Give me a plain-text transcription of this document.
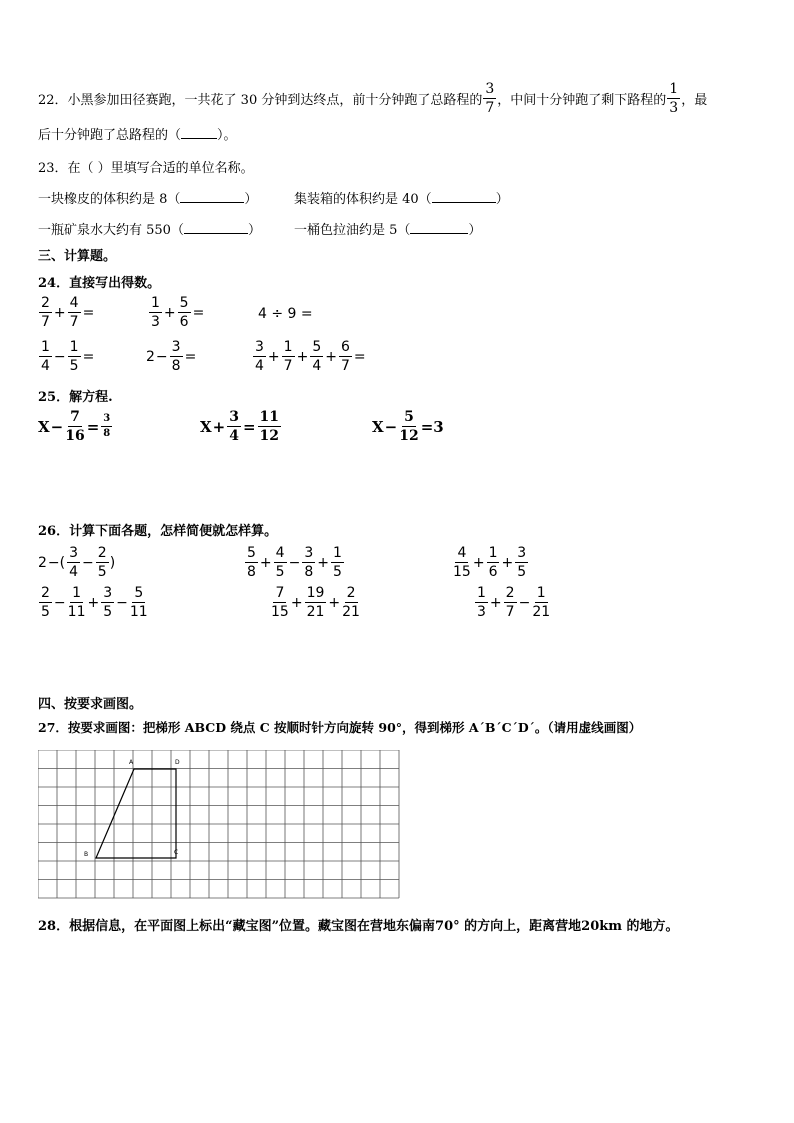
22． 小黑参加田径赛跑，一共花了 30 分钟到达终点，前十分钟跑了总路程的 $\frac{3}{7}$ ，中间十分钟跑了剩下路程的 $\frac{1}{3}$ ，最
后十分钟跑了总路程的（	）。
23．在（ ）里填写合适的单位名称。
一块橡皮的体积约是 8（	）	集装箱的体积约是 40（	）
一瓶矿泉水大约有 550（	）	一桶色拉油约是 5（	）
三、计算题。
24．直接写出得数。
$\frac{2}{7} + \frac{4}{7}$ =	$\frac{1}{3} + \frac{5}{6}$ =	4 ÷ 9 =
$\frac{1}{4} - \frac{1}{5}$ =	$2 - \frac{3}{8}$ =	$\frac{3}{4} + \frac{1}{7} + \frac{5}{4} + \frac{6}{7}$ =
25．解方程.
$X - \frac{7}{16} = \frac{3}{8}$	$X + \frac{3}{4} = \frac{11}{12}$	$X - \frac{5}{12} =3$
26．计算下面各题，怎样简便就怎样算。
2 −( $\frac{3}{4} - \frac{2}{5}$ )	$\frac{5}{8} + \frac{4}{5} - \frac{3}{8} + \frac{1}{5}$	$\frac{4}{15} + \frac{1}{6} + \frac{3}{5}$
$\frac{2}{5} - \frac{1}{11} + \frac{3}{5} - \frac{5}{11}$	$\frac{7}{15} + \frac{19}{21} + \frac{2}{21}$	$\frac{1}{3} + \frac{2}{7} - \frac{1}{21}$
四、按要求画图。
27．按要求画图：把梯形 ABCD 绕点 C 按顺时针方向旋转 90°，得到梯形 A´B´C´D´。（请用虚线画图）
A	D
B	C
28．根据信息，在平面图上标出“藏宝图”位置。藏宝图在营地东偏南70° 的方向上，距离营地20km 的地方。
